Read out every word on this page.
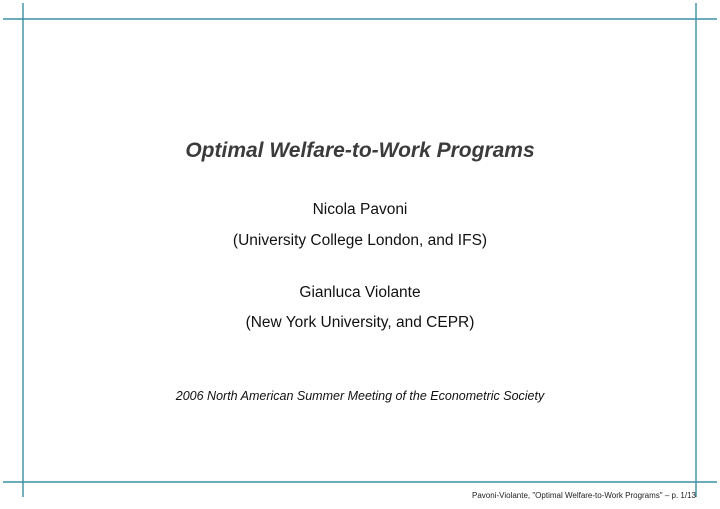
Optimal Welfare-to-Work Programs
Nicola Pavoni
(University College London, and IFS)
Gianluca Violante
(New York University, and CEPR)
2006 North American Summer Meeting of the Econometric Society
Pavoni-Violante, "Optimal Welfare-to-Work Programs" – p. 1/13
